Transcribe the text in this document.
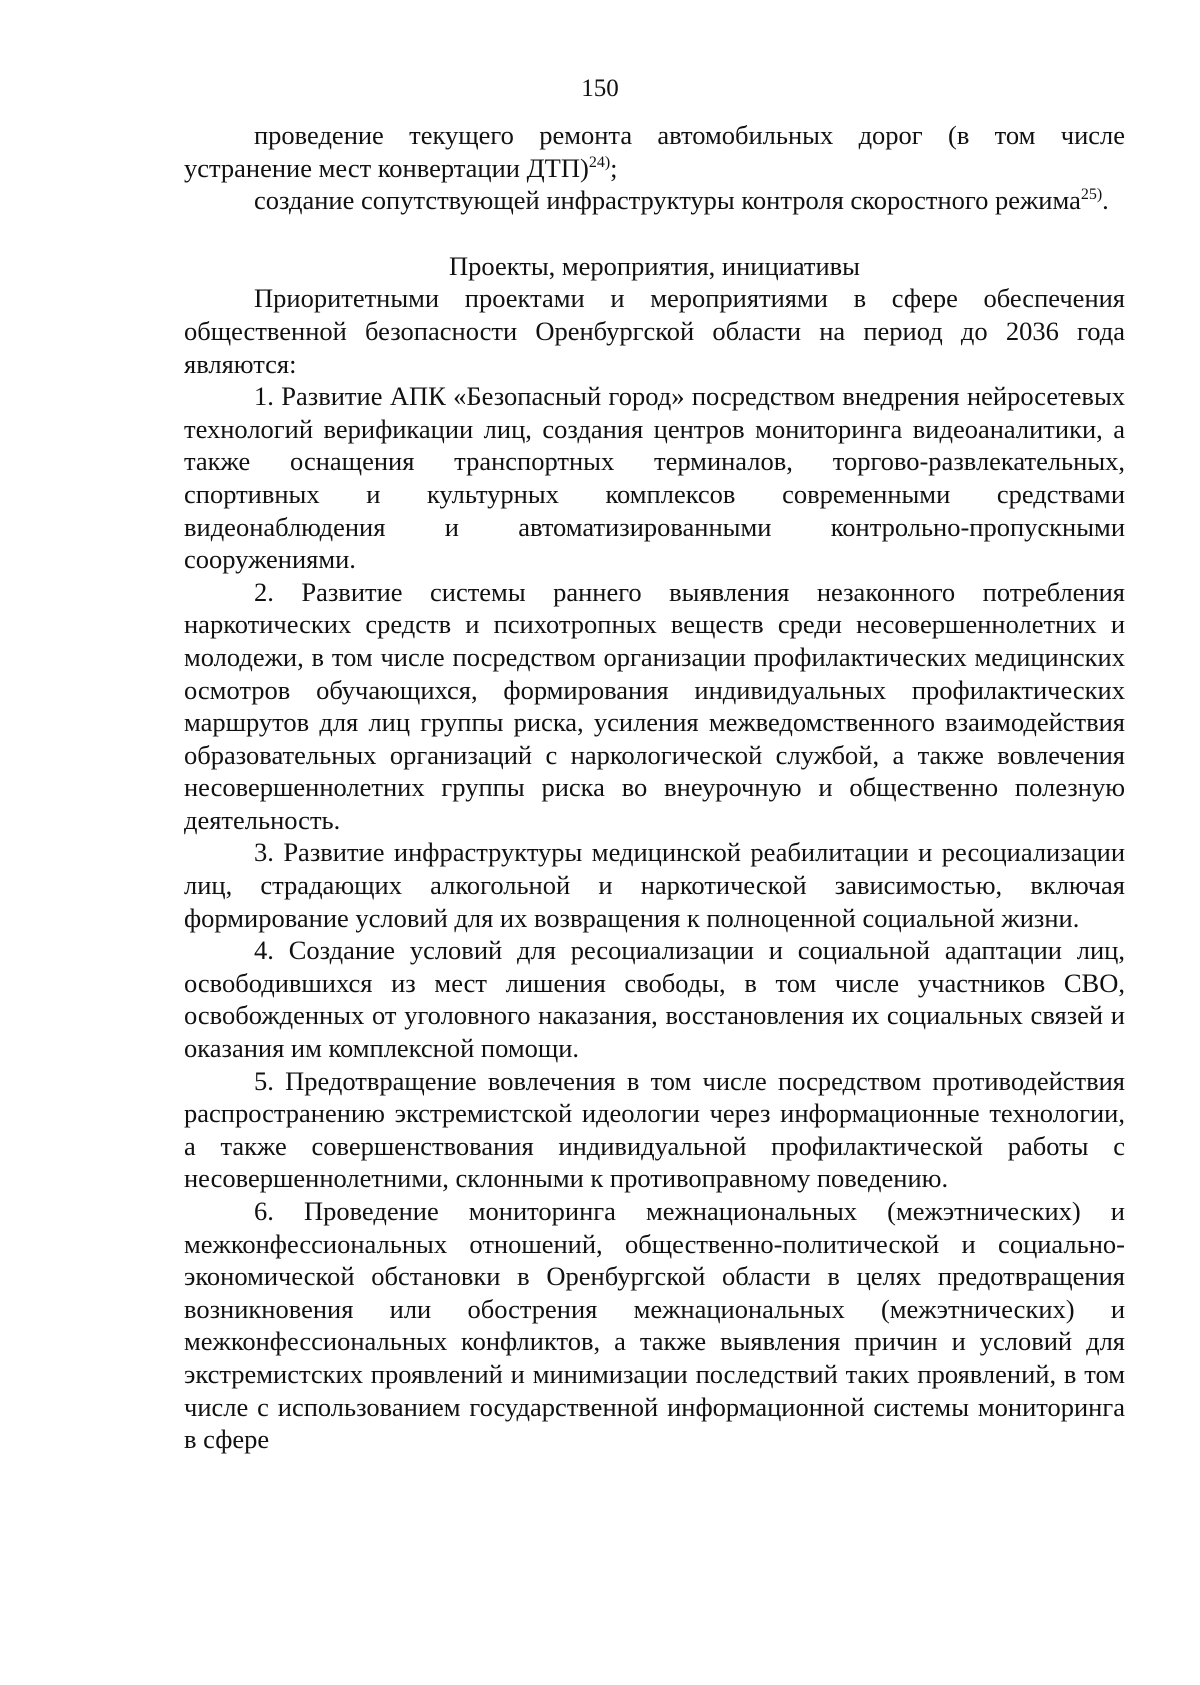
150

проведение текущего ремонта автомобильных дорог (в том числе устранение мест конвертации ДТП)$^{24)}$;

создание сопутствующей инфраструктуры контроля скоростного режима$^{25)}$.

Проекты, мероприятия, инициативы

Приоритетными проектами и мероприятиями в сфере обеспечения общественной безопасности Оренбургской области на период до 2036 года являются:

1. Развитие АПК «Безопасный город» посредством внедрения нейросетевых технологий верификации лиц, создания центров мониторинга видеоаналитики, а также оснащения транспортных терминалов, торгово-развлекательных, спортивных и культурных комплексов современными средствами видеонаблюдения и автоматизированными контрольно-пропускными сооружениями.

2. Развитие системы раннего выявления незаконного потребления наркотических средств и психотропных веществ среди несовершеннолетних и молодежи, в том числе посредством организации профилактических медицинских осмотров обучающихся, формирования индивидуальных профилактических маршрутов для лиц группы риска, усиления межведомственного взаимодействия образовательных организаций с наркологической службой, а также вовлечения несовершеннолетних группы риска во внеурочную и общественно полезную деятельность.

3. Развитие инфраструктуры медицинской реабилитации и ресоциализации лиц, страдающих алкогольной и наркотической зависимостью, включая формирование условий для их возвращения к полноценной социальной жизни.

4. Создание условий для ресоциализации и социальной адаптации лиц, освободившихся из мест лишения свободы, в том числе участников СВО, освобожденных от уголовного наказания, восстановления их социальных связей и оказания им комплексной помощи.

5. Предотвращение вовлечения в том числе посредством противодействия распространению экстремистской идеологии через информационные технологии, а также совершенствования индивидуальной профилактической работы с несовершеннолетними, склонными к противоправному поведению.

6. Проведение мониторинга межнациональных (межэтнических) и межконфессиональных отношений, общественно-политической и социально-экономической обстановки в Оренбургской области в целях предотвращения возникновения или обострения межнациональных (межэтнических) и межконфессиональных конфликтов, а также выявления причин и условий для экстремистских проявлений и минимизации последствий таких проявлений, в том числе с использованием государственной информационной системы мониторинга в сфере
